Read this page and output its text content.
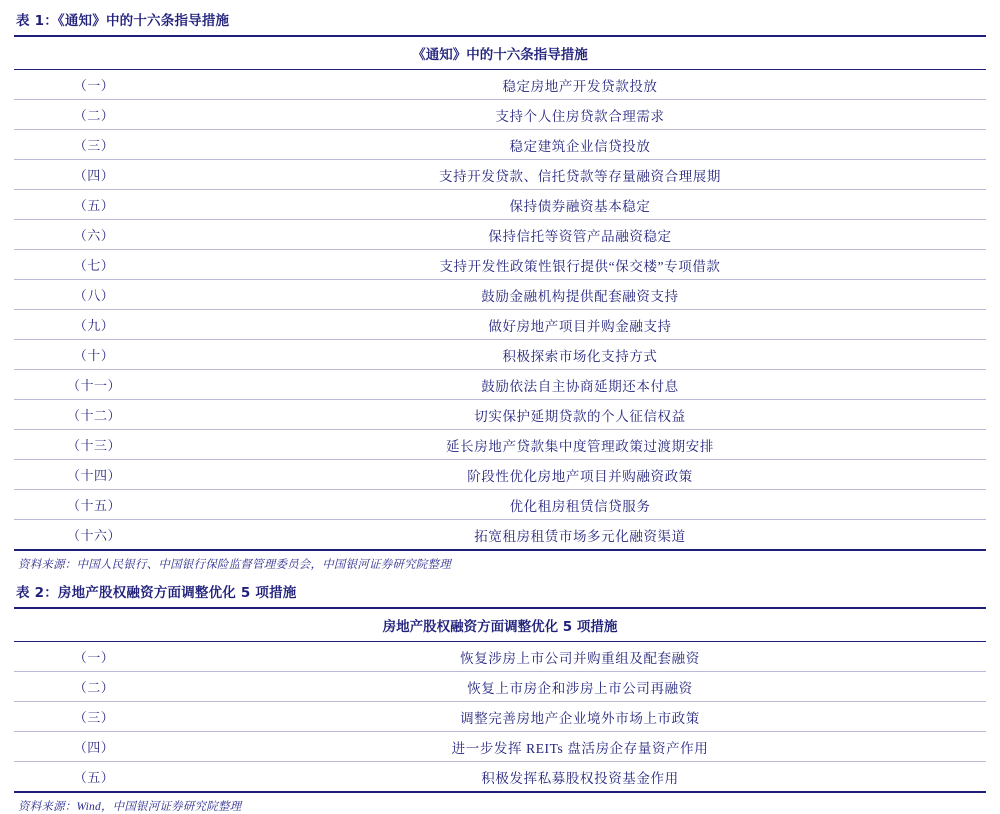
表 1：《通知》中的十六条指导措施
《通知》中的十六条指导措施	
（一）	稳定房地产开发贷款投放
（二）	支持个人住房贷款合理需求
（三）	稳定建筑企业信贷投放
（四）	支持开发贷款、信托贷款等存量融资合理展期
（五）	保持债券融资基本稳定
（六）	保持信托等资管产品融资稳定
（七）	支持开发性政策性银行提供“保交楼”专项借款
（八）	鼓励金融机构提供配套融资支持
（九）	做好房地产项目并购金融支持
（十）	积极探索市场化支持方式
（十一）	鼓励依法自主协商延期还本付息
（十二）	切实保护延期贷款的个人征信权益
（十三）	延长房地产贷款集中度管理政策过渡期安排
（十四）	阶段性优化房地产项目并购融资政策
（十五）	优化租房租赁信贷服务
（十六）	拓宽租房租赁市场多元化融资渠道
资料来源：中国人民银行、中国银行保险监督管理委员会，中国银河证券研究院整理
表 2：房地产股权融资方面调整优化 5 项措施
房地产股权融资方面调整优化 5 项措施	
（一）	恢复涉房上市公司并购重组及配套融资
（二）	恢复上市房企和涉房上市公司再融资
（三）	调整完善房地产企业境外市场上市政策
（四）	进一步发挥 REITs 盘活房企存量资产作用
（五）	积极发挥私募股权投资基金作用
资料来源：Wind，中国银河证券研究院整理
